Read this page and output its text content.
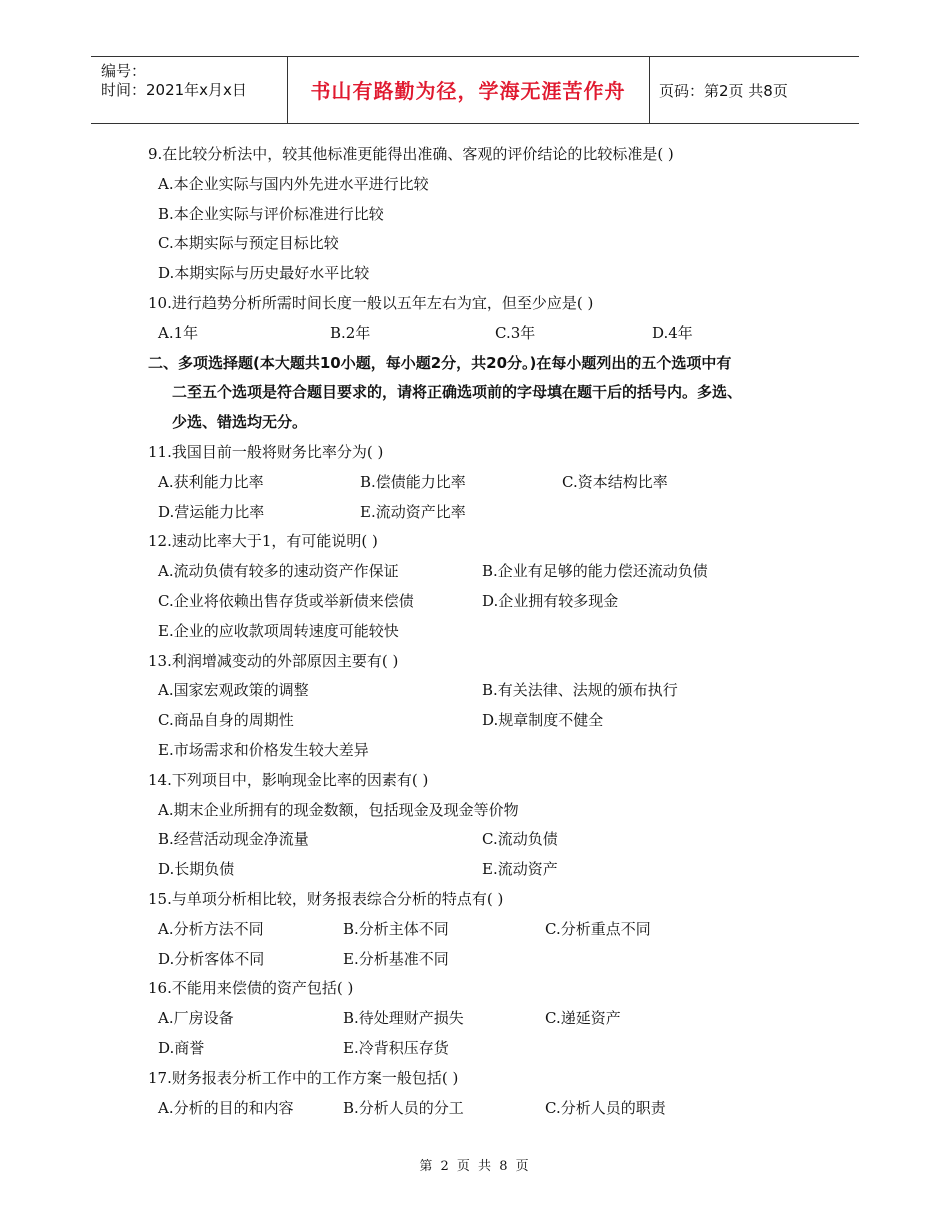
编号：
时间：2021年x月x日	书山有路勤为径，学海无涯苦作舟	页码：第2页 共8页
9.在比较分析法中，较其他标准更能得出准确、客观的评价结论的比较标准是( )
A.本企业实际与国内外先进水平进行比较
B.本企业实际与评价标准进行比较
C.本期实际与预定目标比较
D.本期实际与历史最好水平比较
10.进行趋势分析所需时间长度一般以五年左右为宜，但至少应是( )
A.1年	B.2年	C.3年	D.4年
二、多项选择题(本大题共10小题，每小题2分，共20分。)在每小题列出的五个选项中有
二至五个选项是符合题目要求的，请将正确选项前的字母填在题干后的括号内。多选、
少选、错选均无分。
11.我国目前一般将财务比率分为( )
A.获利能力比率	B.偿债能力比率	C.资本结构比率
D.营运能力比率	E.流动资产比率
12.速动比率大于1，有可能说明( )
A.流动负债有较多的速动资产作保证	B.企业有足够的能力偿还流动负债
C.企业将依赖出售存货或举新债来偿债	D.企业拥有较多现金
E.企业的应收款项周转速度可能较快
13.利润增减变动的外部原因主要有( )
A.国家宏观政策的调整	B.有关法律、法规的颁布执行
C.商品自身的周期性	D.规章制度不健全
E.市场需求和价格发生较大差异
14.下列项目中，影响现金比率的因素有( )
A.期末企业所拥有的现金数额，包括现金及现金等价物
B.经营活动现金净流量	C.流动负债
D.长期负债	E.流动资产
15.与单项分析相比较，财务报表综合分析的特点有( )
A.分析方法不同	B.分析主体不同	C.分析重点不同
D.分析客体不同	E.分析基准不同
16.不能用来偿债的资产包括( )
A.厂房设备	B.待处理财产损失	C.递延资产
D.商誉	E.冷背积压存货
17.财务报表分析工作中的工作方案一般包括( )
A.分析的目的和内容	B.分析人员的分工	C.分析人员的职责
第 2 页 共 8 页
